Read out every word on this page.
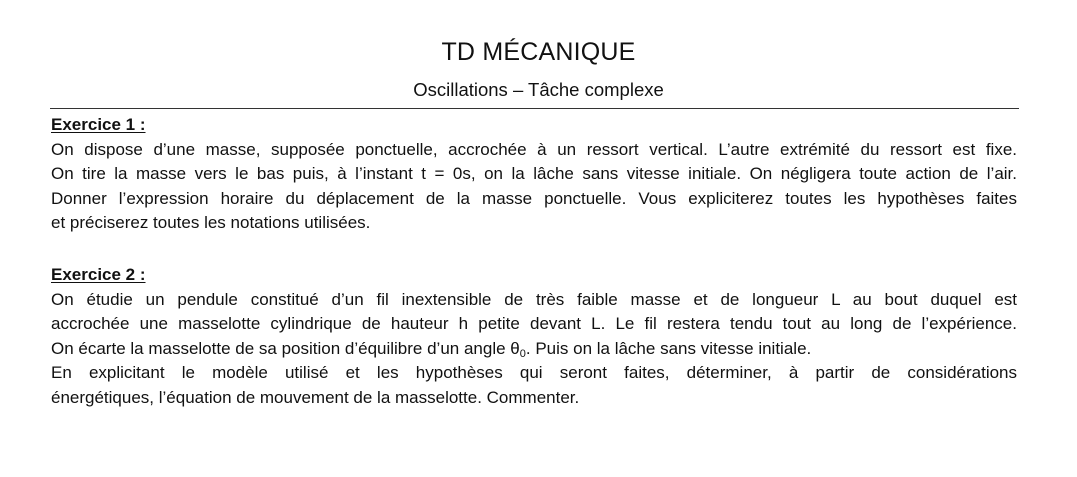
TD MÉCANIQUE
Oscillations – Tâche complexe
Exercice 1 :
On dispose d’une masse, supposée ponctuelle, accrochée à un ressort vertical. L’autre extrémité du ressort est fixe.
On tire la masse vers le bas puis, à l’instant t = 0s, on la lâche sans vitesse initiale. On négligera toute action de l’air.
Donner l’expression horaire du déplacement de la masse ponctuelle. Vous expliciterez toutes les hypothèses faites
et préciserez toutes les notations utilisées.
Exercice 2 :
On étudie un pendule constitué d’un fil inextensible de très faible masse et de longueur L au bout duquel est
accrochée une masselotte cylindrique de hauteur h petite devant L. Le fil restera tendu tout au long de l’expérience.
On écarte la masselotte de sa position d’équilibre d’un angle $\theta_0$. Puis on la lâche sans vitesse initiale.
En explicitant le modèle utilisé et les hypothèses qui seront faites, déterminer, à partir de considérations
énergétiques, l’équation de mouvement de la masselotte. Commenter.
